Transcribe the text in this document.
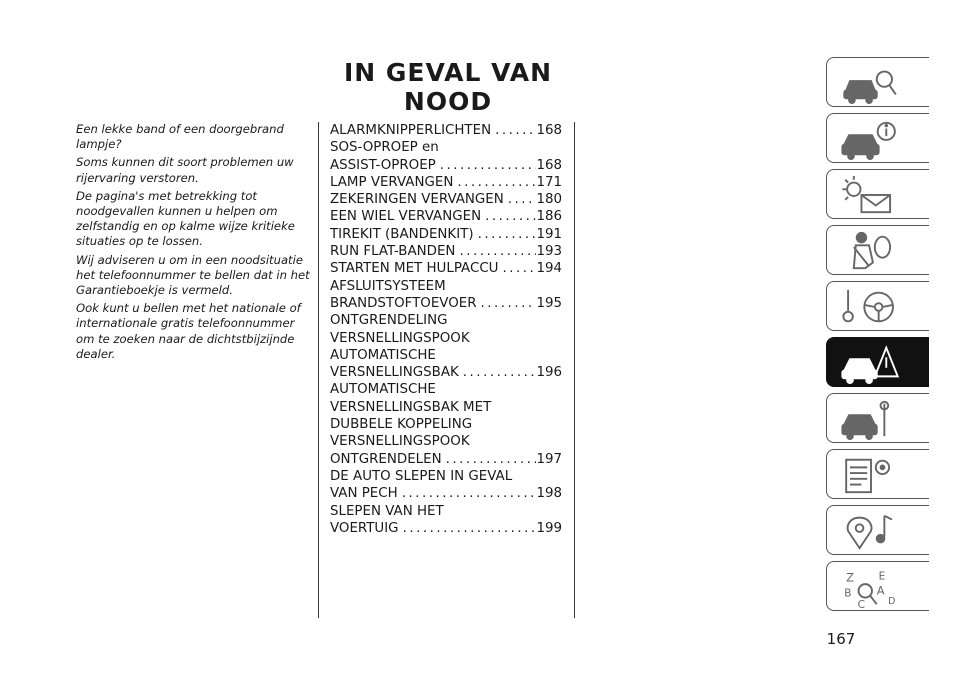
IN GEVAL VAN NOOD

Een lekke band of een doorgebrand lampje?

Soms kunnen dit soort problemen uw rijervaring verstoren.

De pagina's met betrekking tot noodgevallen kunnen u helpen om zelfstandig en op kalme wijze kritieke situaties op te lossen.

Wij adviseren u om in een noodsituatie het telefoonnummer te bellen dat in het Garantieboekje is vermeld.

Ook kunt u bellen met het nationale of internationale gratis telefoonnummer om te zoeken naar de dichtstbijzijnde dealer.

ALARMKNIPPERLICHTEN .....	168
SOS-OPROEP en
ASSIST-OPROEP .....	168
LAMP VERVANGEN .....	171
ZEKERINGEN VERVANGEN ..... 180
EEN WIEL VERVANGEN .....	186
TIREKIT (BANDENKIT) .....	191
RUN FLAT-BANDEN .....	193
STARTEN MET HULPACCU .....	194
AFSLUITSYSTEEM
BRANDSTOFTOEVOER .....	195
ONTGRENDELING
VERSNELLINGSPOOK
AUTOMATISCHE
VERSNELLINGSBAK .....	196
AUTOMATISCHE
VERSNELLINGSBAK MET
DUBBELE KOPPELING
VERSNELLINGSPOOK
ONTGRENDELEN .....	197
DE AUTO SLEPEN IN GEVAL
VAN PECH .....	198
SLEPEN VAN HET
VOERTUIG .....	199
Z E
B A
C D
167
